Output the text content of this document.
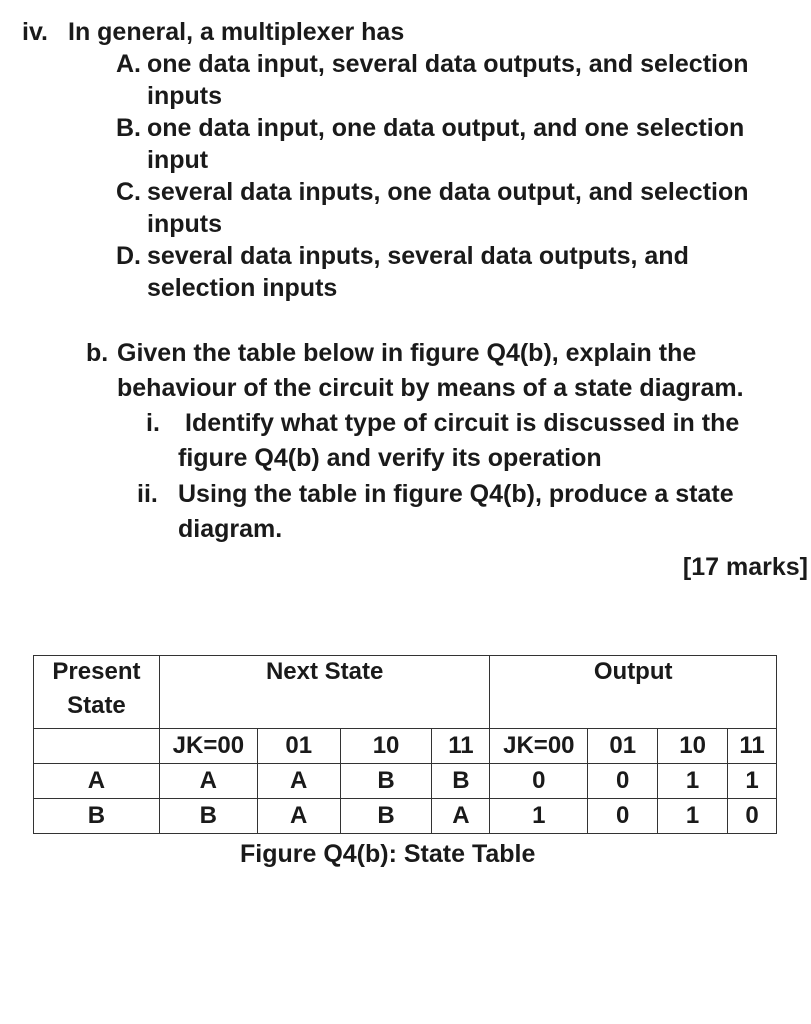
iv. In general, a multiplexer has
A. one data input, several data outputs, and selection
inputs
B. one data input, one data output, and one selection
input
C. several data inputs, one data output, and selection
inputs
D. several data inputs, several data outputs, and
selection inputs
b. Given the table below in figure Q4(b), explain the
behaviour of the circuit by means of a state diagram.
i. Identify what type of circuit is discussed in the
figure Q4(b) and verify its operation
ii. Using the table in figure Q4(b), produce a state
diagram.
[17 marks]
Present
State	Next State				Output			
	JK=00	01	10	11	JK=00	01	10	11
A	A	A	B	B	0	0	1	1
B	B	A	B	A	1	0	1	0
Figure Q4(b): State Table
